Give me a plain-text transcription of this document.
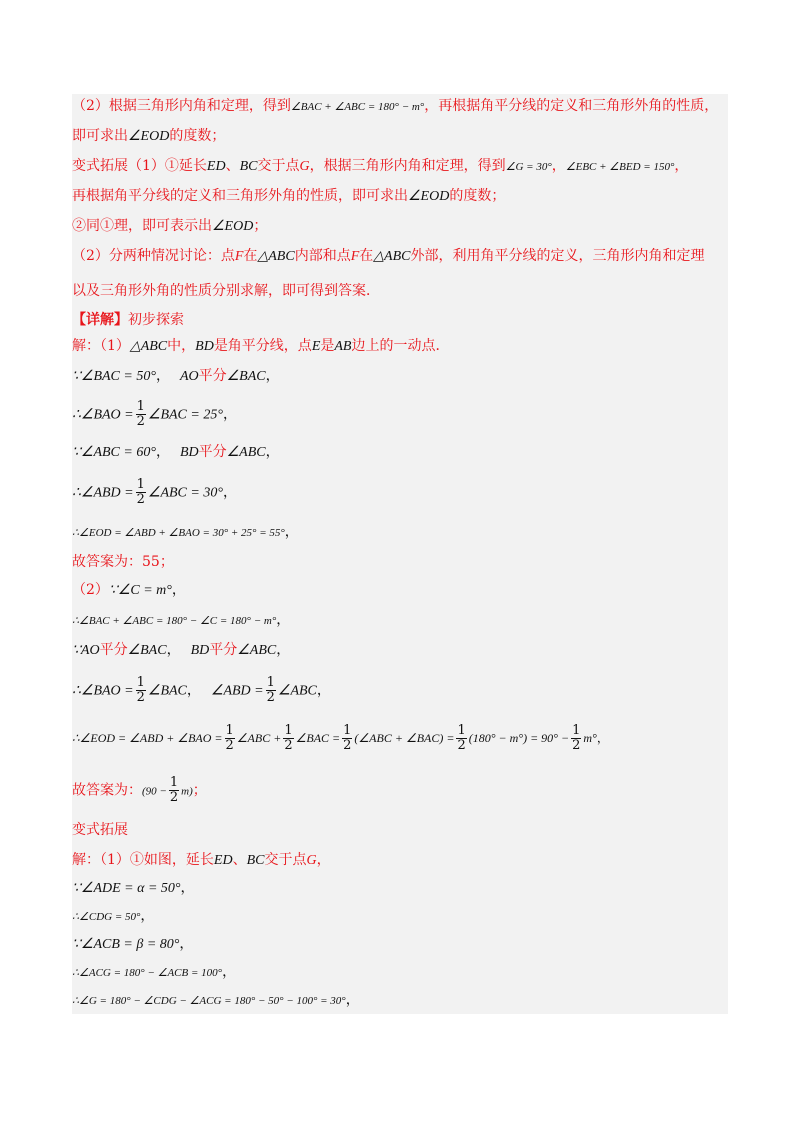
（2）根据三角形内角和定理，得到∠BAC + ∠ABC = 180° − m°，再根据角平分线的定义和三角形外角的性质，
即可求出∠EOD的度数；
变式拓展（1）①延长ED、BC交于点G，根据三角形内角和定理，得到∠G = 30°，∠EBC + ∠BED = 150°，
再根据角平分线的定义和三角形外角的性质，即可求出∠EOD的度数；
②同①理，即可表示出∠EOD；
（2）分两种情况讨论：点F在△ABC内部和点F在△ABC外部，利用角平分线的定义，三角形内角和定理
以及三角形外角的性质分别求解，即可得到答案．
【详解】初步探索
解：（1）△ABC中，BD是角平分线，点E是AB边上的一动点．
∵∠BAC = 50°， AO平分∠BAC，
∴∠BAO = $\frac{1}{2}$ ∠BAC = 25°，
∵∠ABC = 60°， BD平分∠ABC，
∴∠ABD = $\frac{1}{2}$ ∠ABC = 30°，
∴∠EOD = ∠ABD + ∠BAO = 30° + 25° = 55°，
故答案为：55；
（2）∵∠C = m°，
∴∠BAC + ∠ABC = 180° − ∠C = 180° − m°，
∵AO平分∠BAC， BD平分∠ABC，
∴∠BAO = $\frac{1}{2}$ ∠BAC， ∠ABD = $\frac{1}{2}$ ∠ABC，
∴∠EOD = ∠ABD + ∠BAO = $\frac{1}{2}$ ∠ABC + $\frac{1}{2}$ ∠BAC = $\frac{1}{2}$ (∠ABC + ∠BAC) = $\frac{1}{2} (180^\circ - m^\circ) = 90^\circ - \frac{1}{2} m^\circ$，
故答案为：$(90 - \frac{1}{2} m)$；
变式拓展
解：（1）①如图，延长ED、BC交于点G，
∵∠ADE = α = 50°，
∴∠CDG = 50°，
∵∠ACB = β = 80°，
∴∠ACG = 180° − ∠ACB = 100°，
∴∠G = 180° − ∠CDG − ∠ACG = 180° − 50° − 100° = 30°，
